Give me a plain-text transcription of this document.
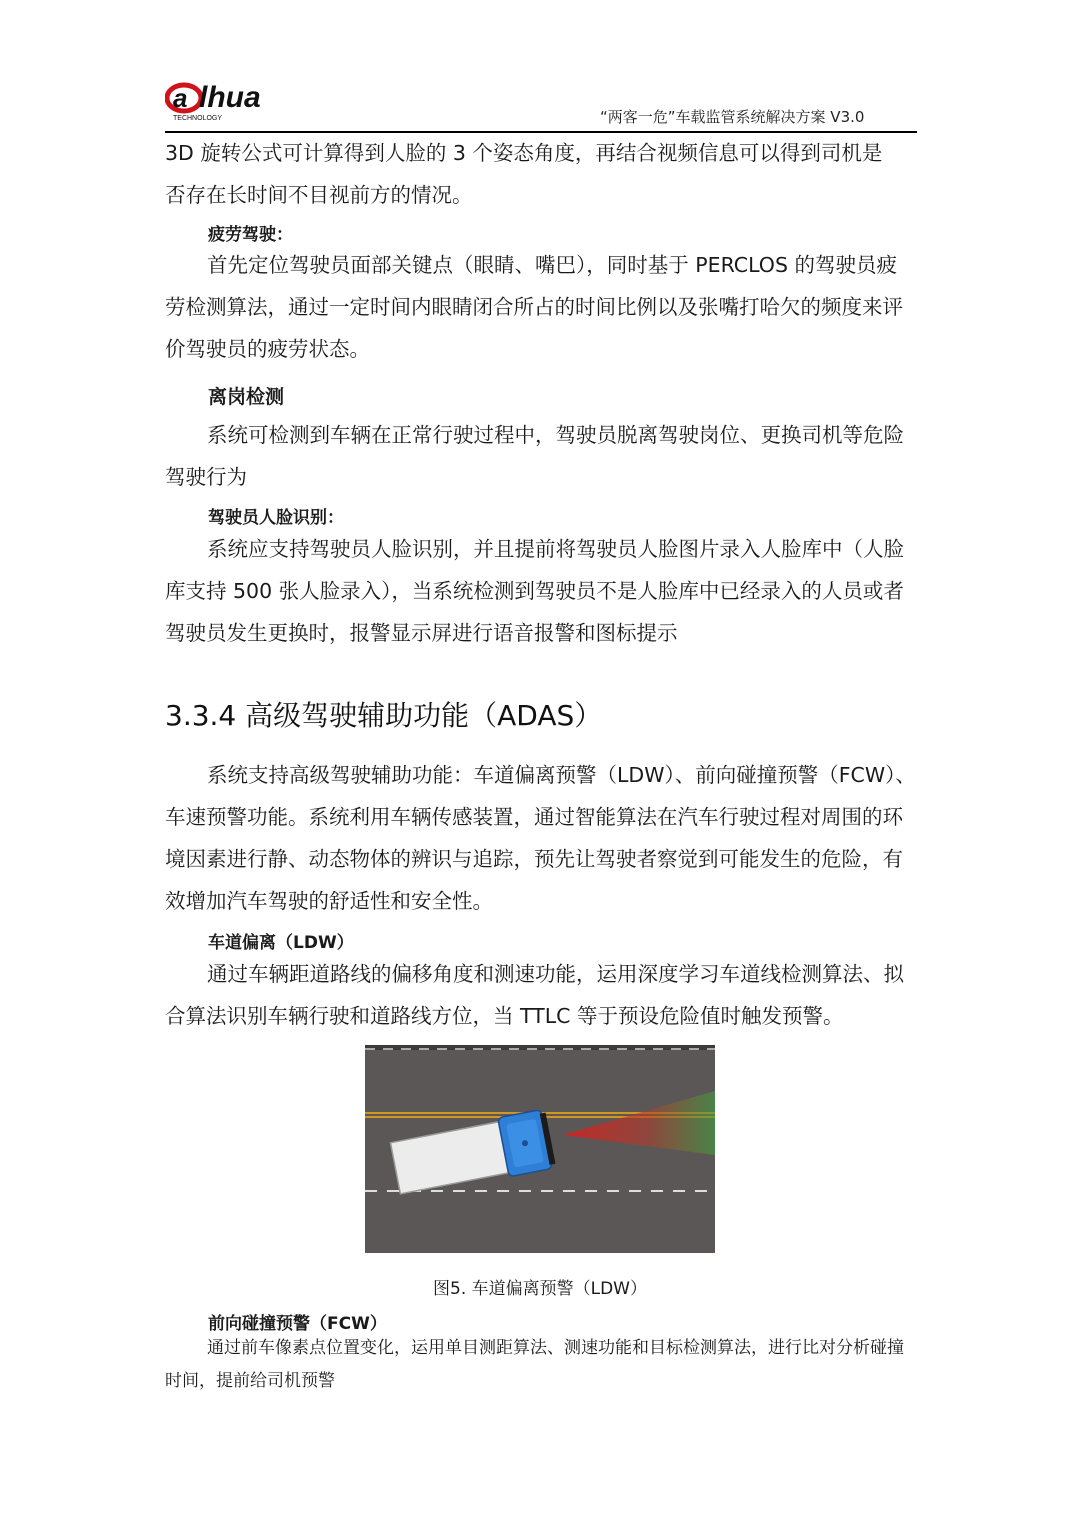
a lhua
TECHNOLOGY	“两客一危”车载监管系统解决方案 V3.0

3D 旋转公式可计算得到人脸的 3 个姿态角度，再结合视频信息可以得到司机是
否存在长时间不目视前方的情况。

疲劳驾驶：

首先定位驾驶员面部关键点（眼睛、嘴巴），同时基于 PERCLOS 的驾驶员疲劳检测算法，通过一定时间内眼睛闭合所占的时间比例以及张嘴打哈欠的频度来评价驾驶员的疲劳状态。

离岗检测

系统可检测到车辆在正常行驶过程中，驾驶员脱离驾驶岗位、更换司机等危险驾驶行为

驾驶员人脸识别：

系统应支持驾驶员人脸识别，并且提前将驾驶员人脸图片录入人脸库中（人脸库支持 500 张人脸录入），当系统检测到驾驶员不是人脸库中已经录入的人员或者驾驶员发生更换时，报警显示屏进行语音报警和图标提示

3.3.4 高级驾驶辅助功能（ADAS）

系统支持高级驾驶辅助功能：车道偏离预警（LDW）、前向碰撞预警（FCW）、车速预警功能。系统利用车辆传感装置，通过智能算法在汽车行驶过程对周围的环境因素进行静、动态物体的辨识与追踪，预先让驾驶者察觉到可能发生的危险，有效增加汽车驾驶的舒适性和安全性。

车道偏离（LDW）

通过车辆距道路线的偏移角度和测速功能，运用深度学习车道线检测算法、拟合算法识别车辆行驶和道路线方位，当 TTLC 等于预设危险值时触发预警。

图5. 车道偏离预警（LDW）
前向碰撞预警（FCW）

通过前车像素点位置变化，运用单目测距算法、测速功能和目标检测算法，进行比对分析碰撞时间，提前给司机预警
